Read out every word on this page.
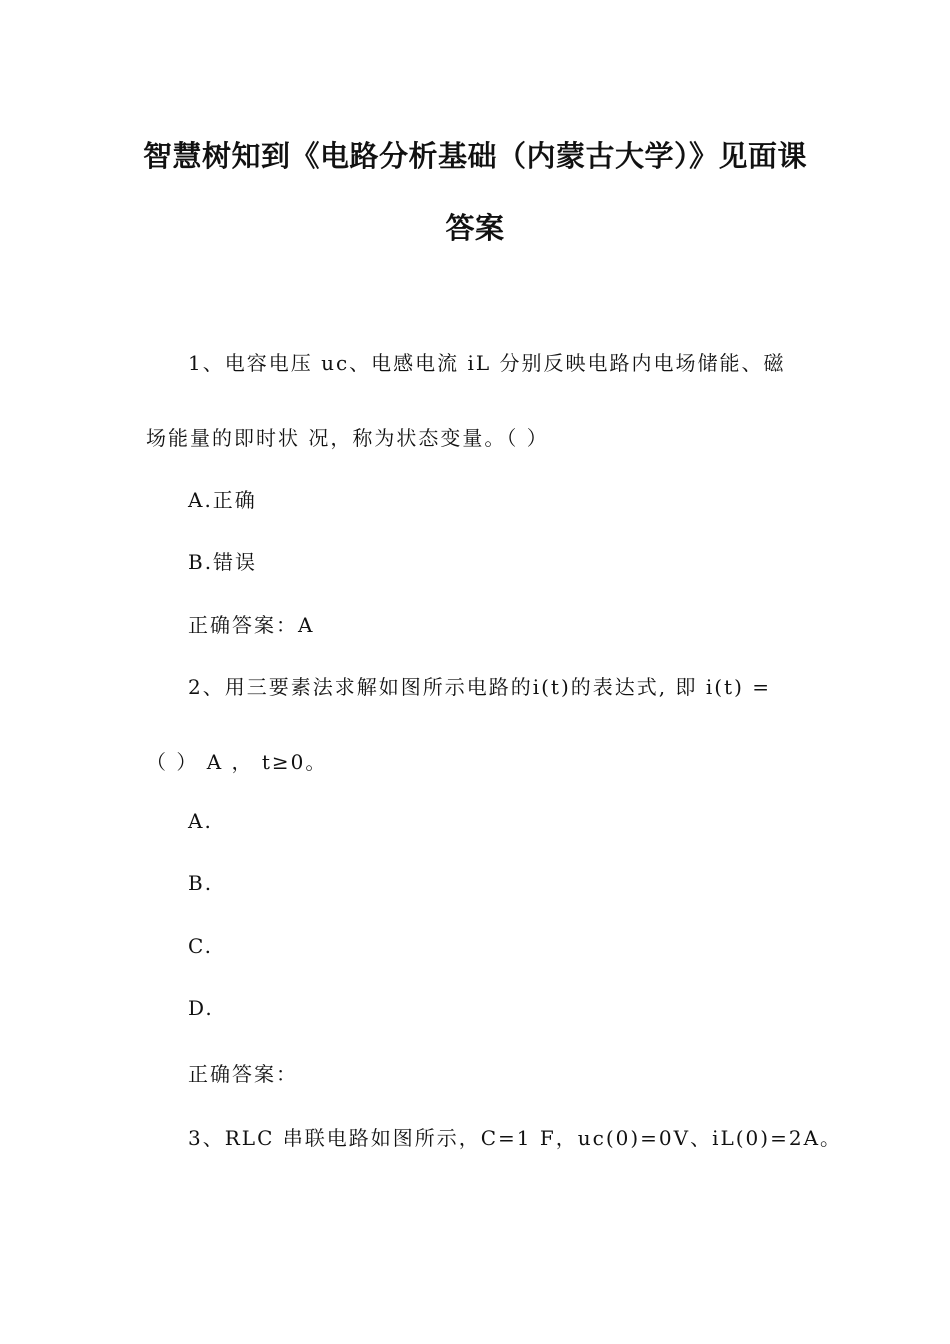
智慧树知到《电路分析基础（内蒙古大学）》见面课
答案
1、电容电压 uc、电感电流 iL 分别反映电路内电场储能、磁
场能量的即时状 况，称为状态变量。（ ）
A.正确
B.错误
正确答案：A
2、用三要素法求解如图所示电路的i(t)的表达式, 即 i(t) =
（ ） A ， t≥0。
A.
B.
C.
D.
正确答案：
3、RLC 串联电路如图所示，C=1 F，uc(0)=0V、iL(0)=2A。
